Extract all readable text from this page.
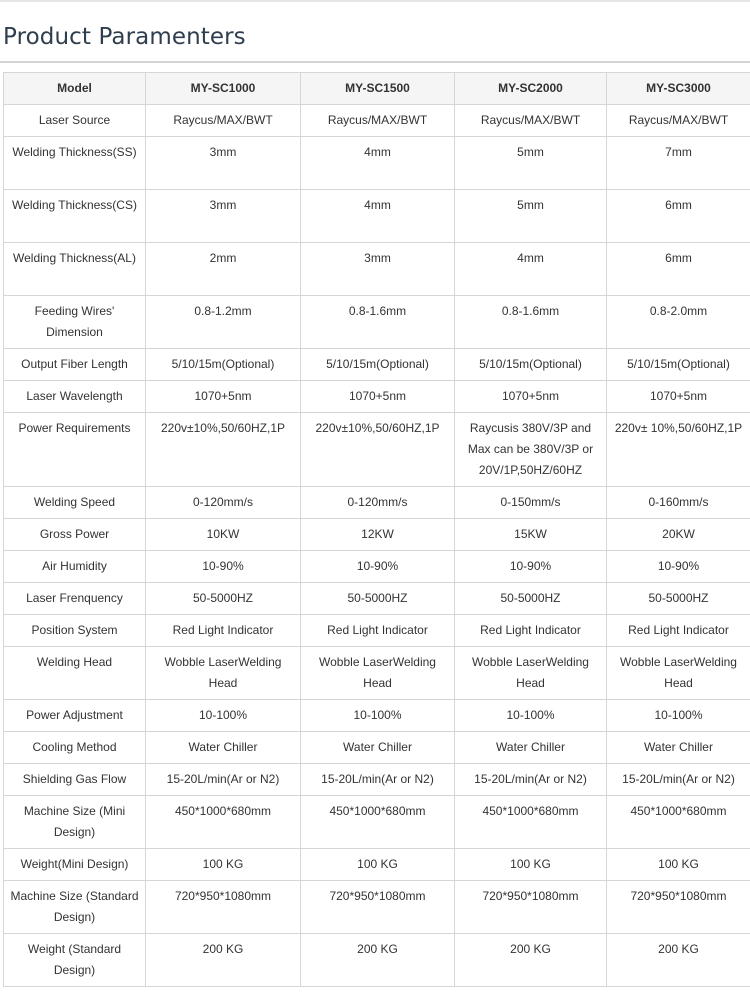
Product Paramenters
Model	MY-SC1000	MY-SC1500	MY-SC2000	MY-SC3000
Laser Source	Raycus/MAX/BWT	Raycus/MAX/BWT	Raycus/MAX/BWT	Raycus/MAX/BWT
Welding Thickness(SS)	3mm	4mm	5mm	7mm
Welding Thickness(CS)	3mm	4mm	5mm	6mm
Welding Thickness(AL)	2mm	3mm	4mm	6mm
Feeding Wires' Dimension	0.8-1.2mm	0.8-1.6mm	0.8-1.6mm	0.8-2.0mm
Output Fiber Length	5/10/15m(Optional)	5/10/15m(Optional)	5/10/15m(Optional)	5/10/15m(Optional)
Laser Wavelength	1070+5nm	1070+5nm	1070+5nm	1070+5nm
Power Requirements	220v±10%,50/60HZ,1P	220v±10%,50/60HZ,1P	Raycusis 380V/3P and Max can be 380V/3P or 20V/1P,50HZ/60HZ	220v± 10%,50/60HZ,1P
Welding Speed	0-120mm/s	0-120mm/s	0-150mm/s	0-160mm/s
Gross Power	10KW	12KW	15KW	20KW
Air Humidity	10-90%	10-90%	10-90%	10-90%
Laser Frenquency	50-5000HZ	50-5000HZ	50-5000HZ	50-5000HZ
Position System	Red Light Indicator	Red Light Indicator	Red Light Indicator	Red Light Indicator
Welding Head	Wobble LaserWelding Head	Wobble LaserWelding Head	Wobble LaserWelding Head	Wobble LaserWelding Head
Power Adjustment	10-100%	10-100%	10-100%	10-100%
Cooling Method	Water Chiller	Water Chiller	Water Chiller	Water Chiller
Shielding Gas Flow	15-20L/min(Ar or N2)	15-20L/min(Ar or N2)	15-20L/min(Ar or N2)	15-20L/min(Ar or N2)
Machine Size (Mini Design)	450*1000*680mm	450*1000*680mm	450*1000*680mm	450*1000*680mm
Weight(Mini Design)	100 KG	100 KG	100 KG	100 KG
Machine Size (Standard Design)	720*950*1080mm	720*950*1080mm	720*950*1080mm	720*950*1080mm
Weight (Standard Design)	200 KG	200 KG	200 KG	200 KG
